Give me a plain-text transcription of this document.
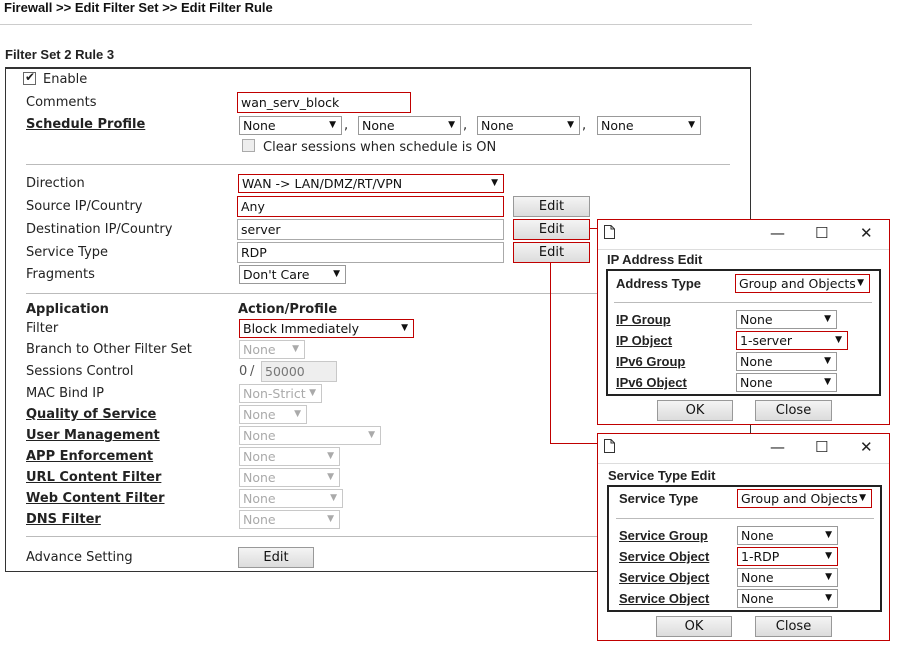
Firewall >> Edit Filter Set >> Edit Filter Rule
Filter Set 2 Rule 3
✔
Enable
Comments	wan_serv_block
Schedule Profile	None	▼ ,	None	▼ ,	None	▼ ,	None	▼
Clear sessions when schedule is ON
Direction	WAN -> LAN/DMZ/RT/VPN	▼
Source IP/Country	Any	Edit
Destination IP/Country	server	Edit
Service Type	RDP	Edit
Fragments	Don't Care	▼
Application	Action/Profile
Filter	Block Immediately	▼
Branch to Other Filter Set	None ▼
Sessions Control	0 / 50000
MAC Bind IP	Non-Strict ▼
Quality of Service	None ▼
User Management	None	▼
APP Enforcement	None	▼
URL Content Filter	None	▼
Web Content Filter	None	▼
DNS Filter	None	▼
Advance Setting	Edit
— ☐ ✕
IP Address Edit
Address Type	Group and Objects ▼
IP Group	None	▼
IP Object	1-server	▼
IPv6 Group	None	▼
IPv6 Object	None	▼
OK	Close
— ☐ ✕
Service Type Edit
Service Type	Group and Objects ▼
Service Group	None	▼
Service Object	1-RDP	▼
Service Object	None	▼
Service Object	None	▼
OK	Close
